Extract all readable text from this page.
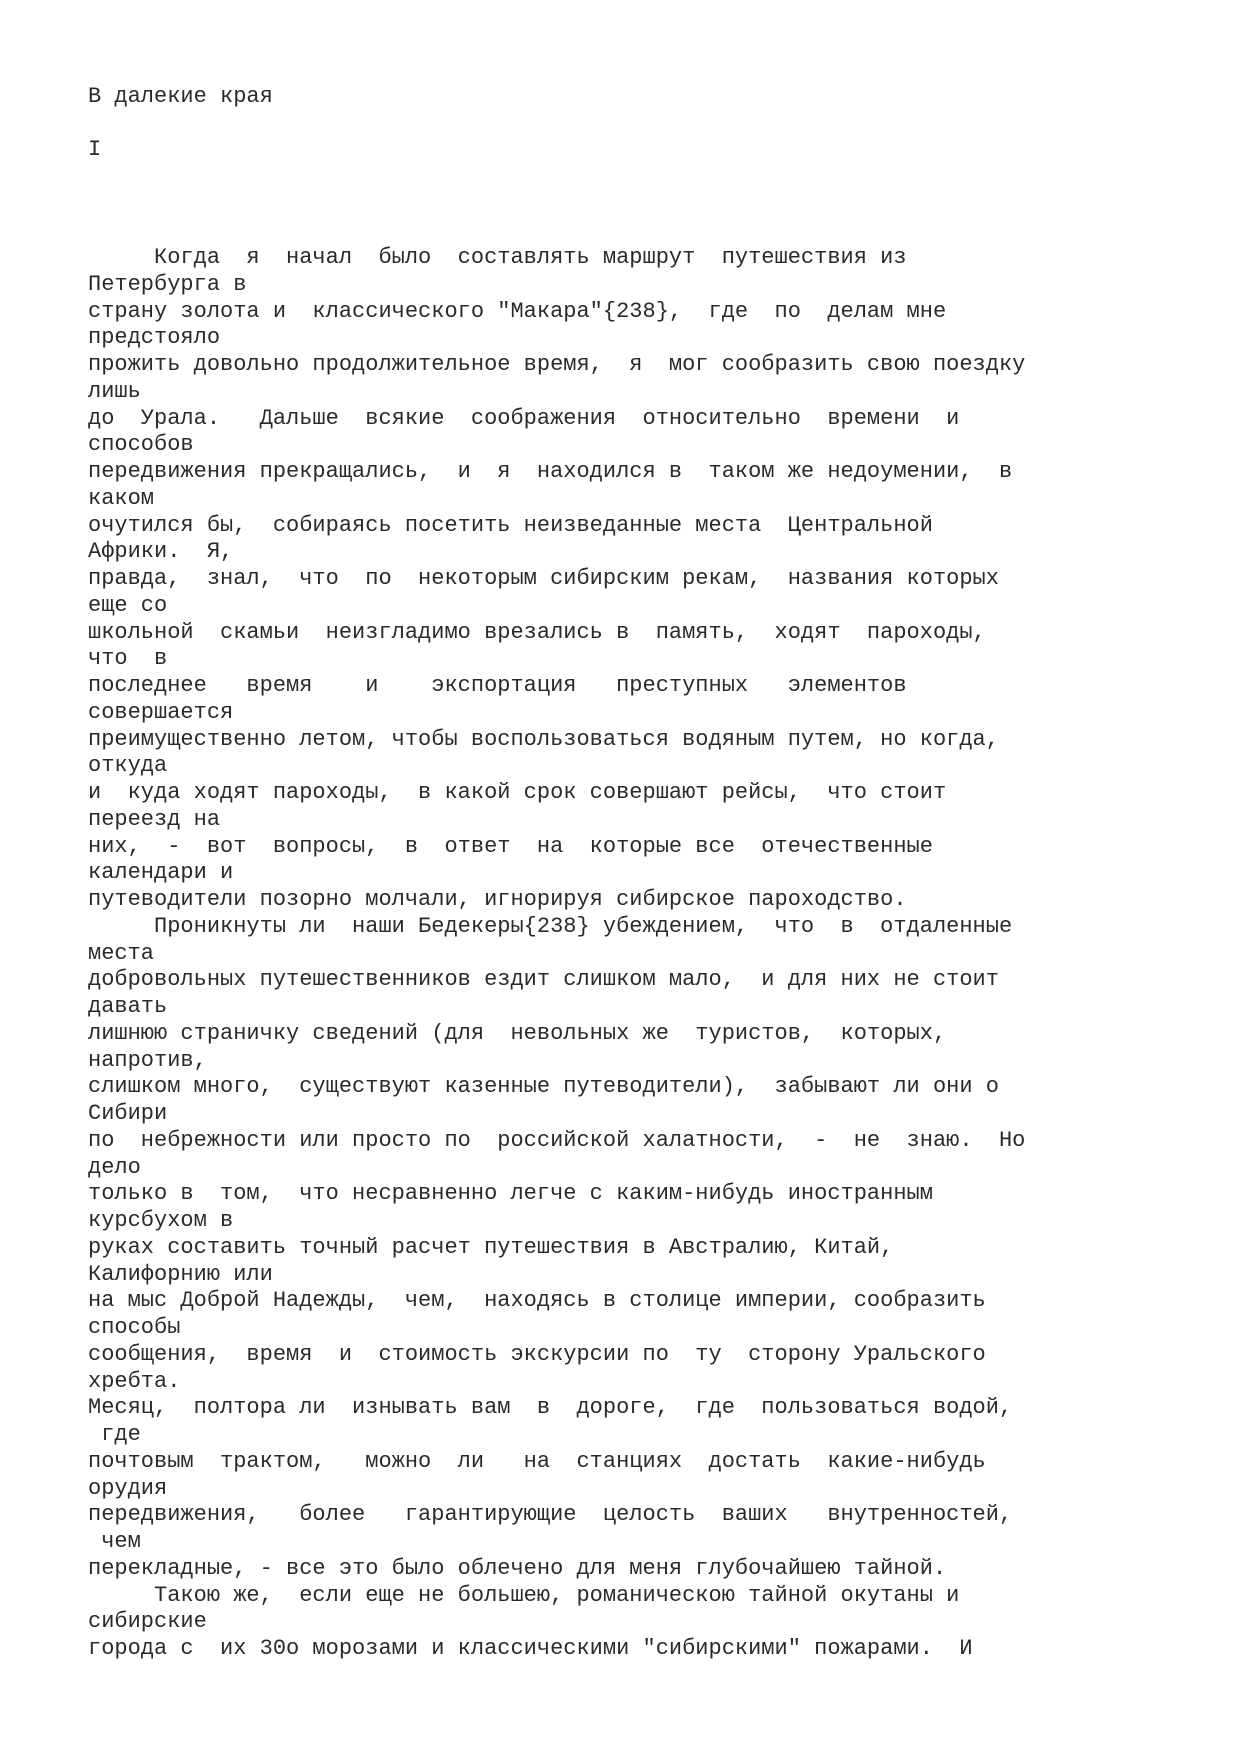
В далекие края
I
Когда  я  начал  было  составлять маршрут  путешествия из
Петербурга в
страну золота и  классического "Макара"{238},  где  по  делам мне
предстояло
прожить довольно продолжительное время,  я  мог сообразить свою поездку
лишь
до  Урала.   Дальше  всякие  соображения  относительно  времени  и
способов
передвижения прекращались,  и  я  находился в  таком же недоумении,  в
каком
очутился бы,  собираясь посетить неизведанные места  Центральной
Африки.  Я,
правда,  знал,  что  по  некоторым сибирским рекам,  названия которых
еще со
школьной  скамьи  неизгладимо врезались в  память,  ходят  пароходы,
что  в
последнее   время    и    экспортация   преступных   элементов
совершается
преимущественно летом, чтобы воспользоваться водяным путем, но когда,
откуда
и  куда ходят пароходы,  в какой срок совершают рейсы,  что стоит
переезд на
них,  -  вот  вопросы,  в  ответ  на  которые все  отечественные
календари и
путеводители позорно молчали, игнорируя сибирское пароходство.
Проникнуты ли  наши Бедекеры{238} убеждением,  что  в  отдаленные
места
добровольных путешественников ездит слишком мало,  и для них не стоит
давать
лишнюю страничку сведений (для  невольных же  туристов,  которых,
напротив,
слишком много,  существуют казенные путеводители),  забывают ли они о
Сибири
по  небрежности или просто по  российской халатности,  -  не  знаю.  Но
дело
только в  том,  что несравненно легче с каким-нибудь иностранным
курсбухом в
руках составить точный расчет путешествия в Австралию, Китай,
Калифорнию или
на мыс Доброй Надежды,  чем,  находясь в столице империи, сообразить
способы
сообщения,  время  и  стоимость экскурсии по  ту  сторону Уральского
хребта.
Месяц,  полтора ли  изнывать вам  в  дороге,  где  пользоваться водой,
где
почтовым  трактом,   можно  ли   на  станциях  достать  какие-нибудь
орудия
передвижения,   более   гарантирующие  целость  ваших   внутренностей,
чем
перекладные, - все это было облечено для меня глубочайшею тайной.
Такою же,  если еще не большею, романическою тайной окутаны и
сибирские
города с  их 30о морозами и классическими "сибирскими" пожарами.  И
